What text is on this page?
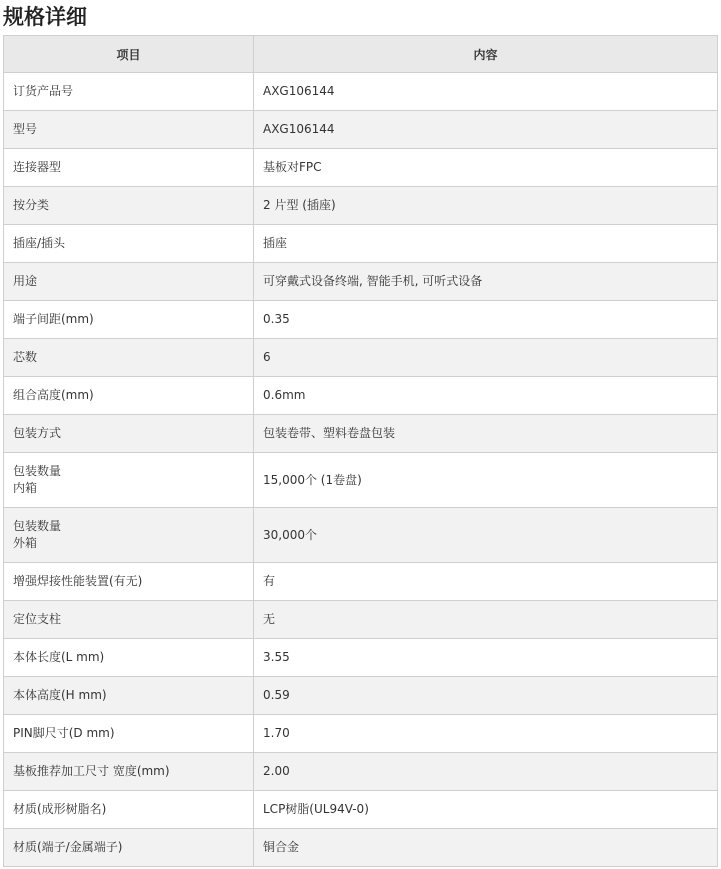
规格详细
项目	内容

订货产品号	AXG106144

型号	AXG106144

连接器型	基板对FPC

按分类	2 片型 (插座)

插座/插头	插座

用途	可穿戴式设备终端, 智能手机, 可听式设备

端子间距(mm)	0.35

芯数	6

组合高度(mm)	0.6mm

包装方式	包装卷带、塑料卷盘包装

包装数量
内箱	15,000个 (1卷盘)

包装数量
外箱	30,000个

增强焊接性能装置(有无)	有

定位支柱	无

本体长度(L mm)	3.55

本体高度(H mm)	0.59

PIN脚尺寸(D mm)	1.70

基板推荐加工尺寸 宽度(mm)	2.00

材质(成形树脂名)	LCP树脂(UL94V-0)

材质(端子/金属端子)	铜合金
